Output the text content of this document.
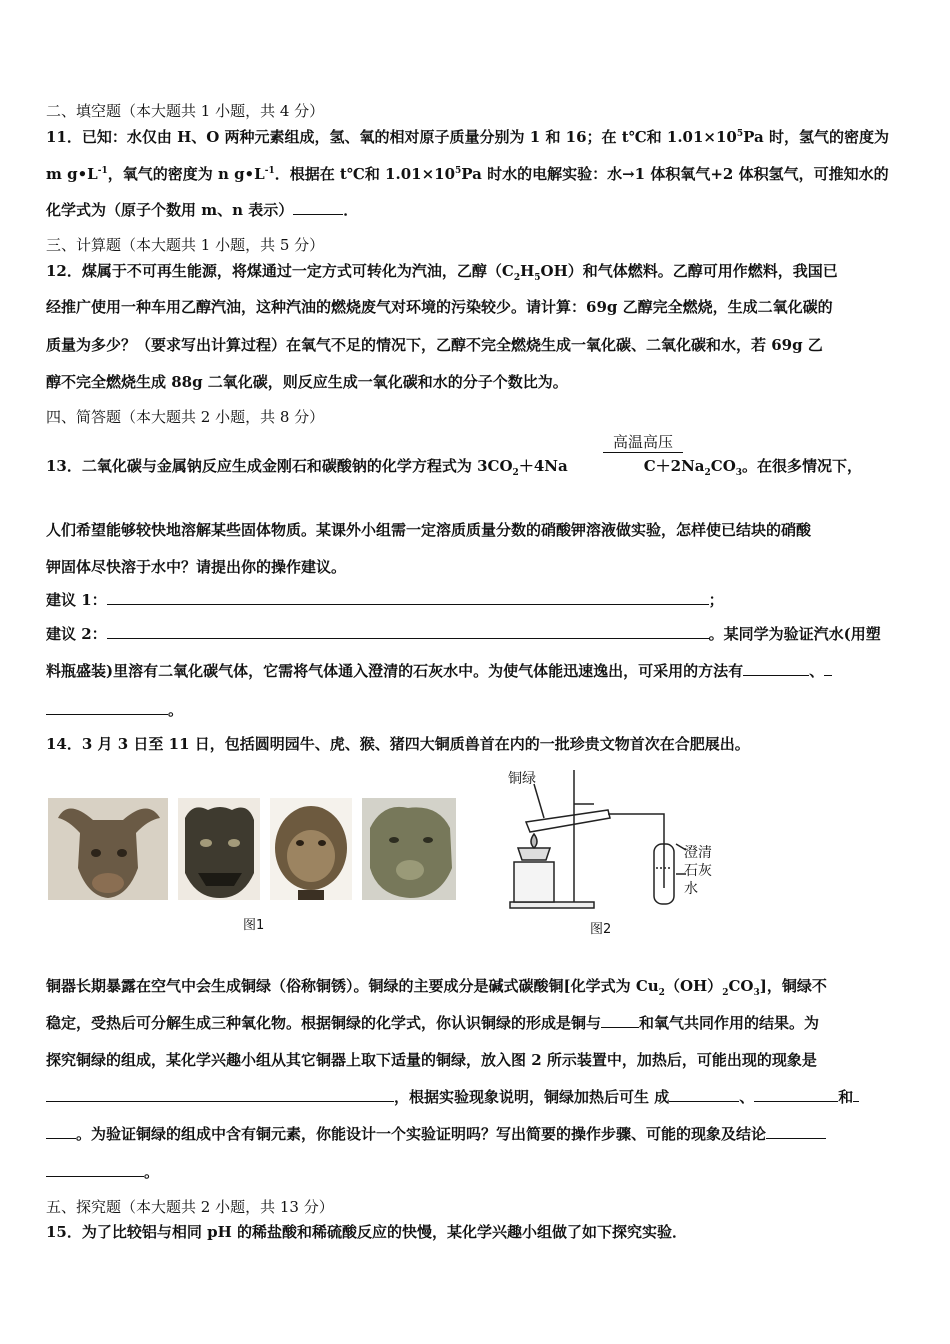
二、填空题（本大题共 1 小题，共 4 分）
11．已知：水仅由 H、O 两种元素组成，氢、氧的相对原子质量分别为 1 和 16；在 t℃和 $1.01\times 10^5Pa$ 时，氢气的密度为
m $g•L^{-1}$，氧气的密度为 n $g•L^{-1}$．根据在 t℃和 $1.01\times 10^5Pa$ 时水的电解实验：水→1 体积氧气+2 体积氢气，可推知水的
化学式为（原子个数用 m、n 表示）	．
三、计算题（本大题共 1 小题，共 5 分）
12．煤属于不可再生能源，将煤通过一定方式可转化为汽油，乙醇$(C_2H_5OH)$和气体燃料。乙醇可用作燃料，我国已
经推广使用一种车用乙醇汽油，这种汽油的燃烧废气对环境的污染较少。请计算：69g 乙醇完全燃烧，生成二氧化碳的
质量为多少？（要求写出计算过程）在氧气不足的情况下，乙醇不完全燃烧生成一氧化碳、二氧化碳和水，若 69g 乙
醇不完全燃烧生成 88g 二氧化碳，则反应生成一氧化碳和水的分子个数比为。
四、简答题（本大题共 2 小题，共 8 分）
高温高压
13．二氧化碳与金属钠反应生成金刚石和碳酸钠的化学方程式为 $3CO_2+4Na$	$C+2Na_2CO_3$。在很多情况下，
人们希望能够较快地溶解某些固体物质。某课外小组需一定溶质质量分数的硝酸钾溶液做实验，怎样使已结块的硝酸
钾固体尽快溶于水中？请提出你的操作建议。
建议 1：	；
建议 2：	。某同学为验证汽水(用塑
料瓶盛装)里溶有二氧化碳气体，它需将气体通入澄清的石灰水中。为使气体能迅速逸出，可采用的方法有	、
。
14．3 月 3 日至 11 日，包括圆明园牛、虎、猴、猪四大铜质兽首在内的一批珍贵文物首次在合肥展出。
图1
铜绿
澄清
石灰
水
图2
铜器长期暴露在空气中会生成铜绿（俗称铜锈）。铜绿的主要成分是碱式碳酸铜[化学式为 $Cu_2(OH)_2CO_3$]，铜绿不
稳定，受热后可分解生成三种氧化物。根据铜绿的化学式，你认识铜绿的形成是铜与	和氧气共同作用的结果。为
探究铜绿的组成，某化学兴趣小组从其它铜器上取下适量的铜绿，放入图 2 所示装置中，加热后，可能出现的现象是
，根据实验现象说明，铜绿加热后可生 成	、	和
。为验证铜绿的组成中含有铜元素，你能设计一个实验证明吗？写出简要的操作步骤、可能的现象及结论
。
五、探究题（本大题共 2 小题，共 13 分）
15．为了比较铝与相同 pH 的稀盐酸和稀硫酸反应的快慢，某化学兴趣小组做了如下探究实验．
